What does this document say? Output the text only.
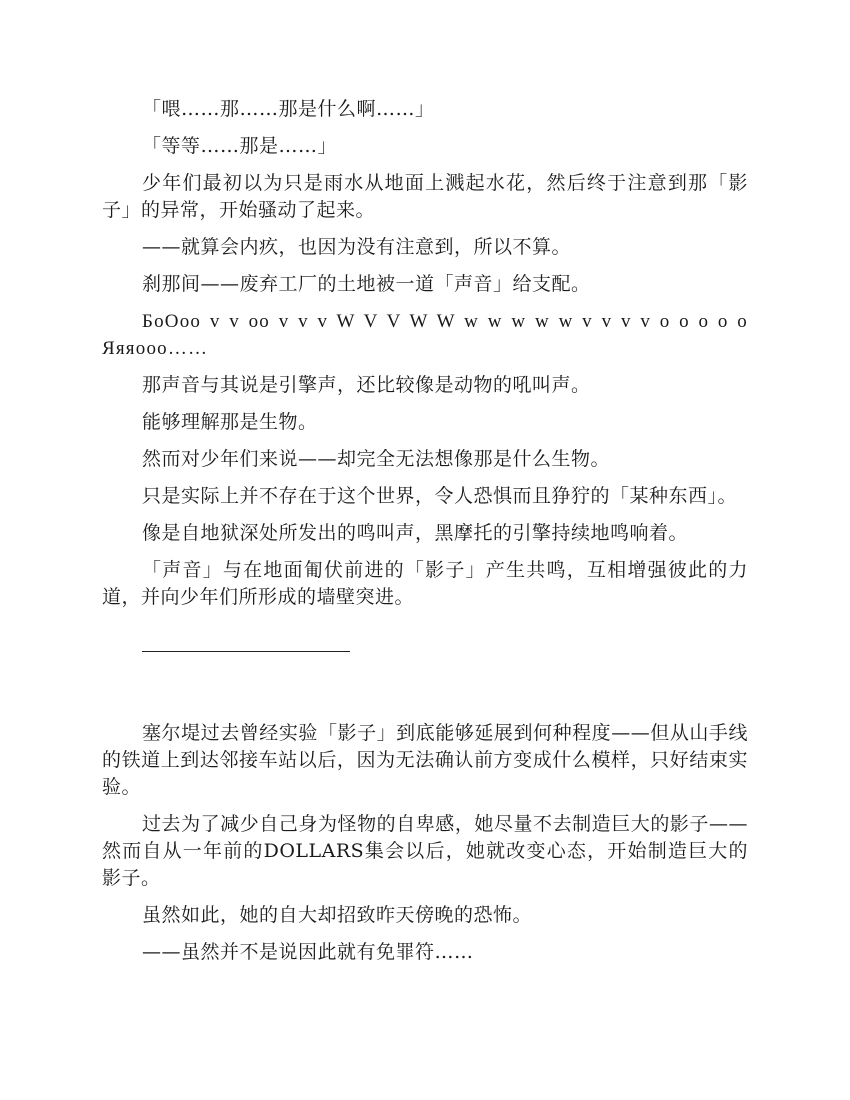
「喂……那……那是什么啊……」

「等等……那是……」

少年们最初以为只是雨水从地面上溅起水花，然后终于注意到那「影子」的异常，开始骚动了起来。

——就算会内疚，也因为没有注意到，所以不算。

刹那间——废弃工厂的土地被一道「声音」给支配。

БоОоо v v оо v v v W V V W W w w w w w v v v v о о о о о Яяяооо……

那声音与其说是引擎声，还比较像是动物的吼叫声。

能够理解那是生物。

然而对少年们来说——却完全无法想像那是什么生物。

只是实际上并不存在于这个世界，令人恐惧而且狰狞的「某种东西」。

像是自地狱深处所发出的鸣叫声，黑摩托的引擎持续地鸣响着。

「声音」与在地面匍伏前进的「影子」产生共鸣，互相增强彼此的力道，并向少年们所形成的墙壁突进。

塞尔堤过去曾经实验「影子」到底能够延展到何种程度——但从山手线的铁道上到达邻接车站以后，因为无法确认前方变成什么模样，只好结束实验。

过去为了减少自己身为怪物的自卑感，她尽量不去制造巨大的影子——然而自从一年前的DOLLARS集会以后，她就改变心态，开始制造巨大的影子。

虽然如此，她的自大却招致昨天傍晚的恐怖。

——虽然并不是说因此就有免罪符……
